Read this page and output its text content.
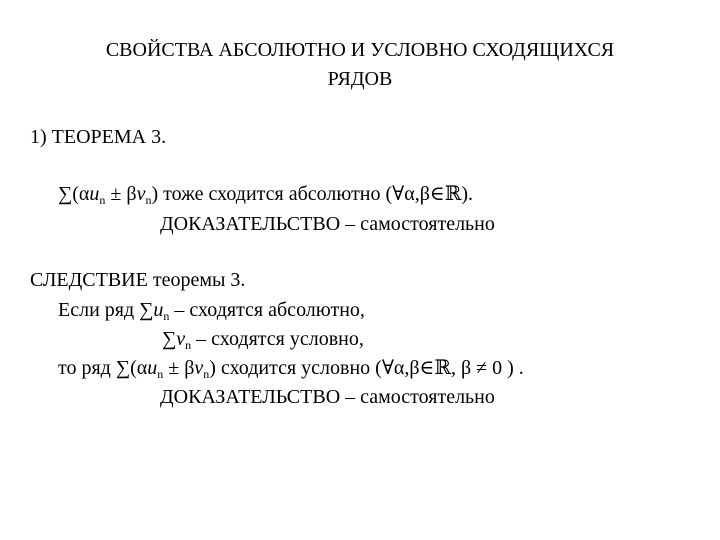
СВОЙСТВА АБСОЛЮТНО И УСЛОВНО СХОДЯЩИХСЯ
РЯДОВ
1) ТЕОРЕМА 3.
$\sum(\alpha u_n \pm \beta v_n)$ тоже сходится абсолютно (∀α,β∈ℝ).
ДОКАЗАТЕЛЬСТВО – самостоятельно
СЛЕДСТВИЕ теоремы 3.
Если ряд $\sum u_n$ – сходятся абсолютно,
$\sum v_n$ – сходятся условно,
то ряд $\sum(\alpha u_n \pm \beta v_n)$ сходится условно (∀α,β∈ℝ, β ≠ 0 ) .
ДОКАЗАТЕЛЬСТВО – самостоятельно
